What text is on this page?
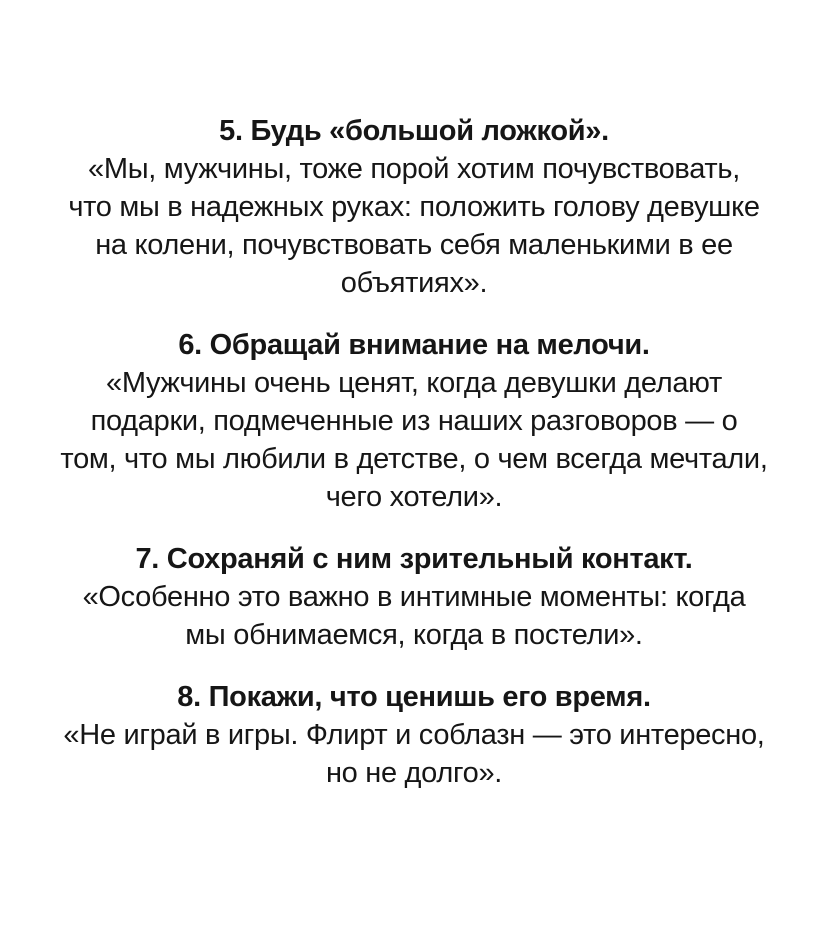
5. Будь «большой ложкой».
«Мы, мужчины, тоже порой хотим почувствовать,
что мы в надежных руках: положить голову девушке
на колени, почувствовать себя маленькими в ее
объятиях».
6. Обращай внимание на мелочи.
«Мужчины очень ценят, когда девушки делают
подарки, подмеченные из наших разговоров — о
том, что мы любили в детстве, о чем всегда мечтали,
чего хотели».
7. Сохраняй с ним зрительный контакт.
«Особенно это важно в интимные моменты: когда
мы обнимаемся, когда в постели».
8. Покажи, что ценишь его время.
«Не играй в игры. Флирт и соблазн — это интересно,
но не долго».
